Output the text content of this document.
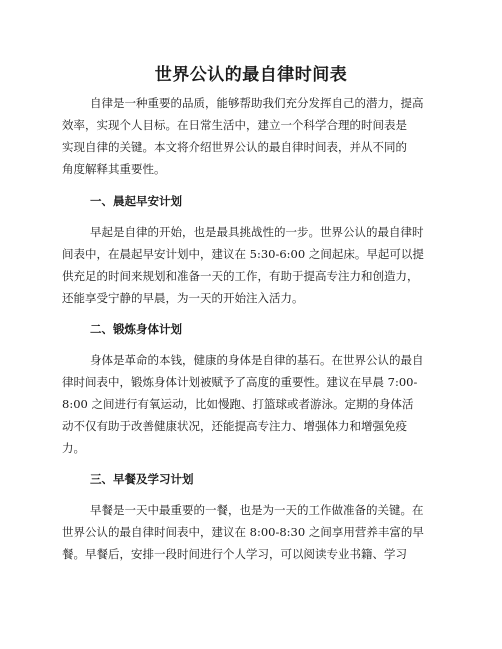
世界公认的最自律时间表

自律是一种重要的品质，能够帮助我们充分发挥自己的潜力，提高

效率，实现个人目标。在日常生活中，建立一个科学合理的时间表是

实现自律的关键。本文将介绍世界公认的最自律时间表，并从不同的

角度解释其重要性。

一、晨起早安计划

早起是自律的开始，也是最具挑战性的一步。世界公认的最自律时

间表中，在晨起早安计划中，建议在 5:30-6:00 之间起床。早起可以提

供充足的时间来规划和准备一天的工作，有助于提高专注力和创造力，

还能享受宁静的早晨，为一天的开始注入活力。

二、锻炼身体计划

身体是革命的本钱，健康的身体是自律的基石。在世界公认的最自

律时间表中，锻炼身体计划被赋予了高度的重要性。建议在早晨 7:00-

8:00 之间进行有氧运动，比如慢跑、打篮球或者游泳。定期的身体活

动不仅有助于改善健康状况，还能提高专注力、增强体力和增强免疫

力。

三、早餐及学习计划

早餐是一天中最重要的一餐，也是为一天的工作做准备的关键。在

世界公认的最自律时间表中，建议在 8:00-8:30 之间享用营养丰富的早

餐。早餐后，安排一段时间进行个人学习，可以阅读专业书籍、学习
